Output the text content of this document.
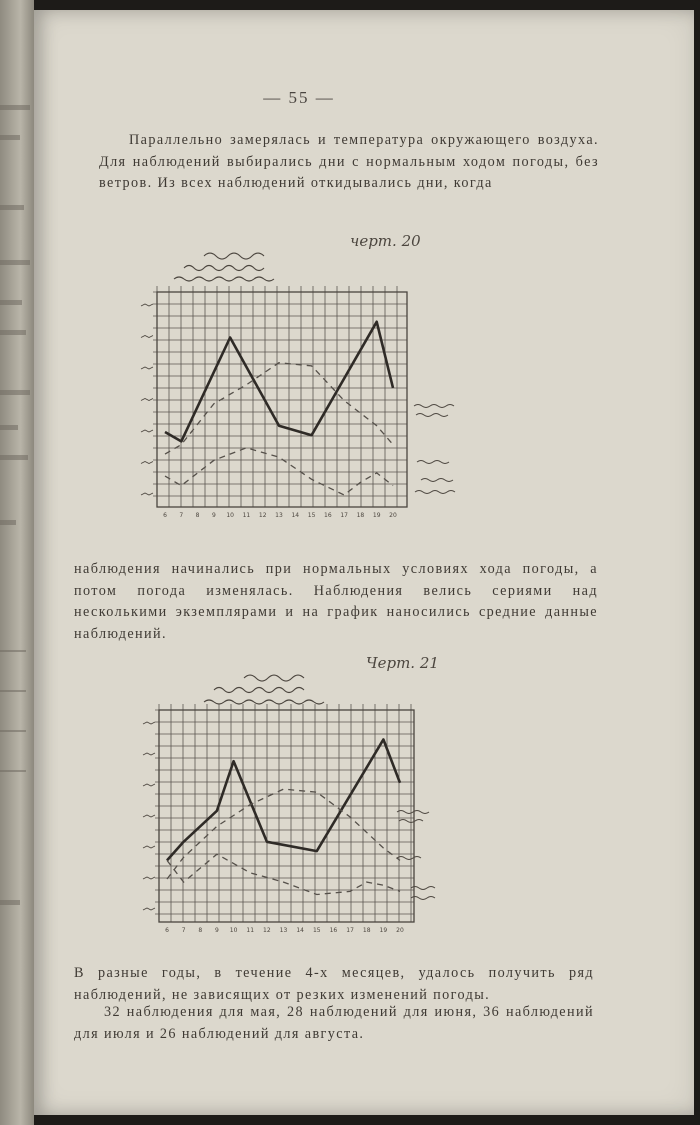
— 55 —

Параллельно замерялась и температура окружающего воздуха. Для наблюдений выбирались дни с нормальным ходом погоды, без ветров. Из всех наблюдений откидывались дни, когда

черт. 20
6 7 8 9 10 11 12 13 14 15 16 17 18 19 20

наблюдения начинались при нормальных условиях хода погоды, а потом погода изменялась. Наблюдения велись сериями над несколькими экземплярами и на график наносились средние данные наблюдений.

Черт. 21
6 7 8 9 10 11 12 13 14 15 16 17 18 19 20

В разные годы, в течение 4-х месяцев, удалось получить ряд наблюдений, не зависящих от резких изменений погоды.

32 наблюдения для мая, 28 наблюдений для июня, 36 наблюдений для июля и 26 наблюдений для августа.
